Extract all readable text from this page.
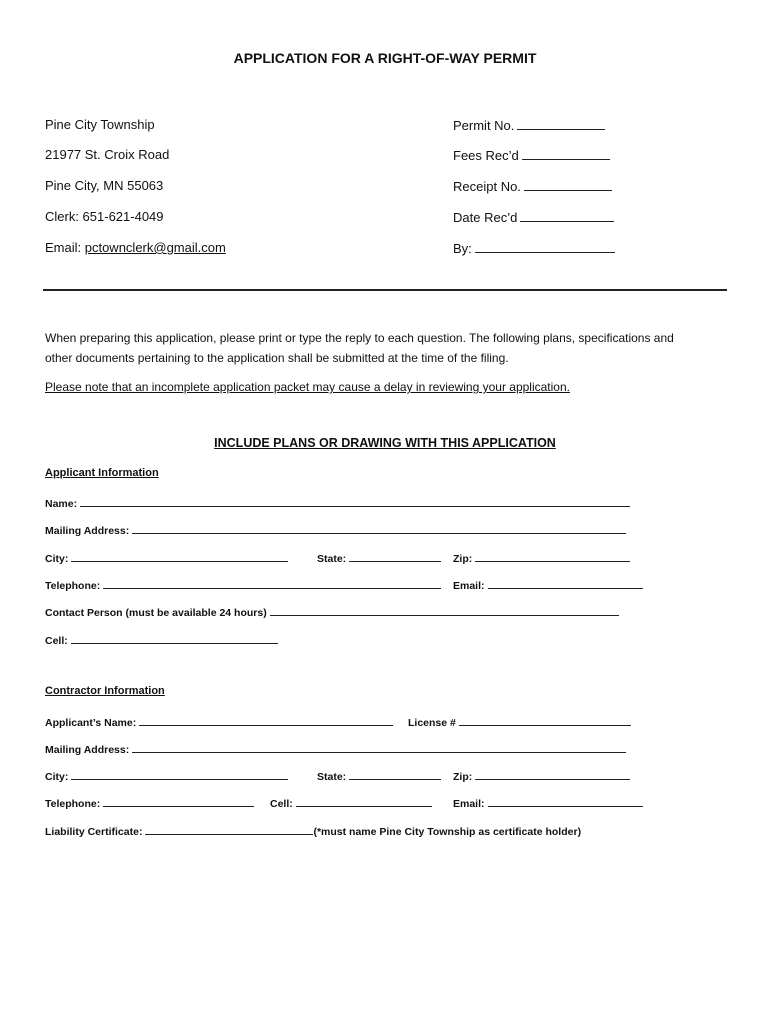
APPLICATION FOR A RIGHT-OF-WAY PERMIT
Pine City Township
21977 St. Croix Road
Pine City, MN 55063
Clerk: 651-621-4049
Email: pctownclerk@gmail.com
Permit No.
Fees Rec’d
Receipt No.
Date Rec’d
By:
When preparing this application, please print or type the reply to each question. The following plans, specifications and
other documents pertaining to the application shall be submitted at the time of the filing.
Please note that an incomplete application packet may cause a delay in reviewing your application.
INCLUDE PLANS OR DRAWING WITH THIS APPLICATION
Applicant Information
Name:
Mailing Address:
City:	State:	Zip:
Telephone:	Email:
Contact Person (must be available 24 hours)
Cell:
Contractor Information
Applicant’s Name:	License #
Mailing Address:
City:	State:	Zip:
Telephone:	Cell:	Email:
Liability Certificate:	(*must name Pine City Township as certificate holder)
